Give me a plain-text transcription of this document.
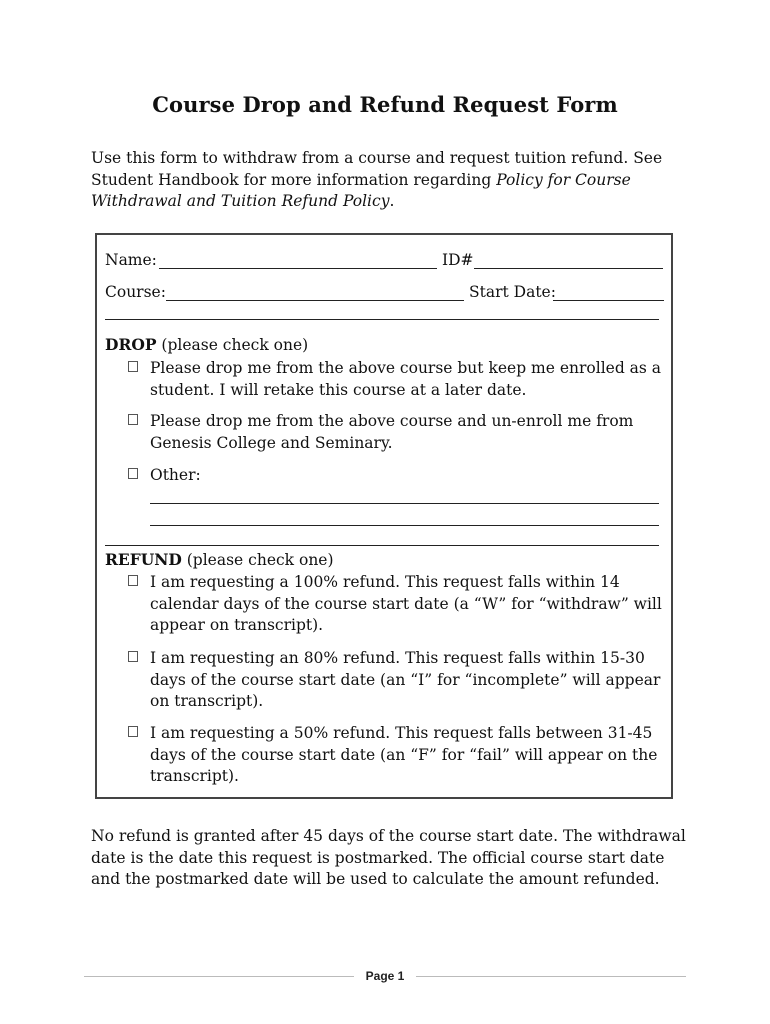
Course Drop and Refund Request Form
Use this form to withdraw from a course and request tuition refund. See Student Handbook for more information regarding Policy for Course Withdrawal and Tuition Refund Policy.
Name:	ID#
Course:	Start Date:
DROP (please check one)
Please drop me from the above course but keep me enrolled as a student. I will retake this course at a later date.
Please drop me from the above course and un-enroll me from Genesis College and Seminary.
Other:
REFUND (please check one)
I am requesting a 100% refund. This request falls within 14 calendar days of the course start date (a “W” for “withdraw” will appear on transcript).
I am requesting an 80% refund. This request falls within 15-30 days of the course start date (an “I” for “incomplete” will appear on transcript).
I am requesting a 50% refund. This request falls between 31-45 days of the course start date (an “F” for “fail” will appear on the transcript).
No refund is granted after 45 days of the course start date. The withdrawal date is the date this request is postmarked. The official course start date and the postmarked date will be used to calculate the amount refunded.
Page 1
